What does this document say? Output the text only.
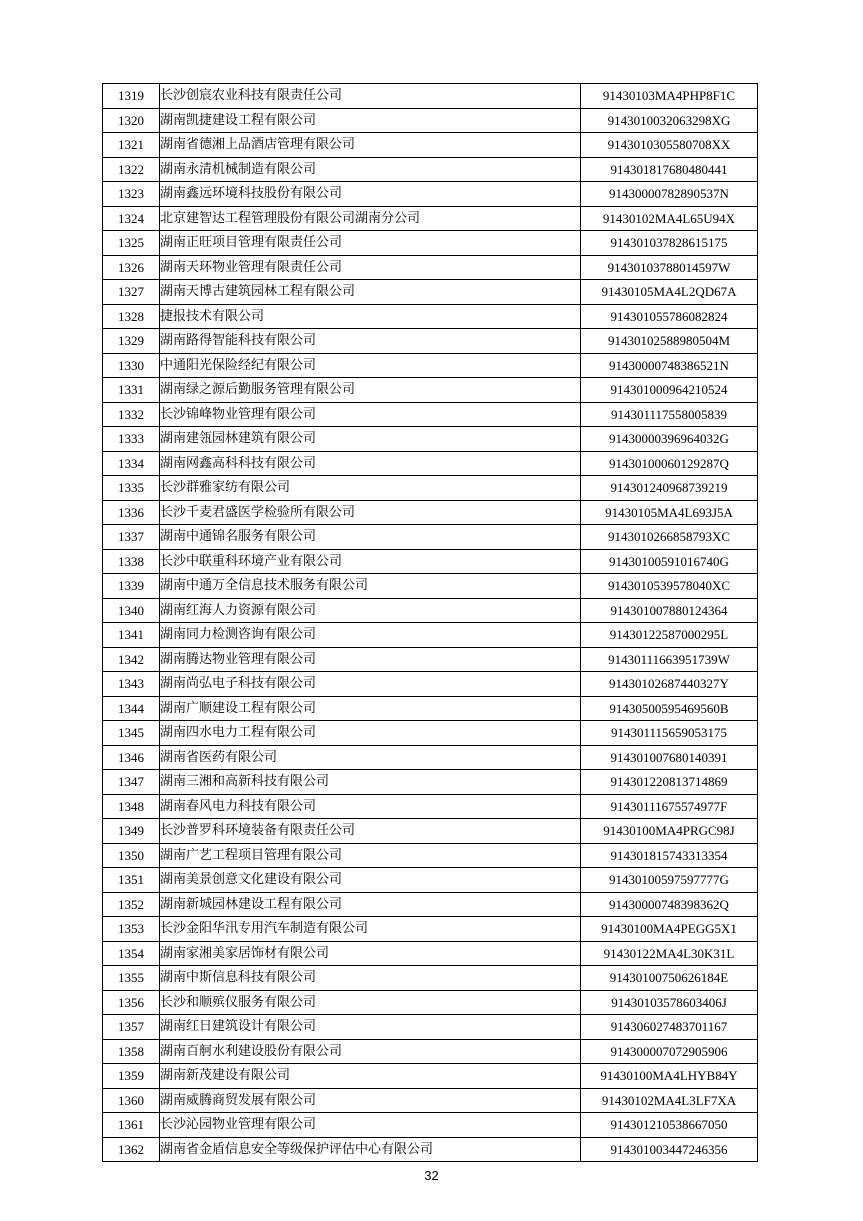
1319	长沙创宸农业科技有限责任公司	91430103MA4PHP8F1C
1320	湖南凯捷建设工程有限公司	9143010032063298XG
1321	湖南省德湘上品酒店管理有限公司	9143010305580708XX
1322	湖南永清机械制造有限公司	914301817680480441
1323	湖南鑫远环境科技股份有限公司	91430000782890537N
1324	北京建智达工程管理股份有限公司湖南分公司	91430102MA4L65U94X
1325	湖南正旺项目管理有限责任公司	914301037828615175
1326	湖南天环物业管理有限责任公司	91430103788014597W
1327	湖南天博古建筑园林工程有限公司	91430105MA4L2QD67A
1328	捷报技术有限公司	914301055786082824
1329	湖南路得智能科技有限公司	91430102588980504M
1330	中通阳光保险经纪有限公司	91430000748386521N
1331	湖南绿之源后勤服务管理有限公司	914301000964210524
1332	长沙锦峰物业管理有限公司	914301117558005839
1333	湖南建瓴园林建筑有限公司	91430000396964032G
1334	湖南网鑫高科科技有限公司	91430100060129287Q
1335	长沙群雅家纺有限公司	914301240968739219
1336	长沙千麦君盛医学检验所有限公司	91430105MA4L693J5A
1337	湖南中通锦名服务有限公司	9143010266858793XC
1338	长沙中联重科环境产业有限公司	91430100591016740G
1339	湖南中通万全信息技术服务有限公司	9143010539578040XC
1340	湖南红海人力资源有限公司	914301007880124364
1341	湖南同力检测咨询有限公司	91430122587000295L
1342	湖南腾达物业管理有限公司	91430111663951739W
1343	湖南尚弘电子科技有限公司	91430102687440327Y
1344	湖南广顺建设工程有限公司	91430500595469560B
1345	湖南四水电力工程有限公司	914301115659053175
1346	湖南省医药有限公司	914301007680140391
1347	湖南三湘和高新科技有限公司	914301220813714869
1348	湖南春风电力科技有限公司	91430111675574977F
1349	长沙普罗科环境装备有限责任公司	91430100MA4PRGC98J
1350	湖南广艺工程项目管理有限公司	914301815743313354
1351	湖南美景创意文化建设有限公司	91430100597597777G
1352	湖南新城园林建设工程有限公司	91430000748398362Q
1353	长沙金阳华汛专用汽车制造有限公司	91430100MA4PEGG5X1
1354	湖南家湘美家居饰材有限公司	91430122MA4L30K31L
1355	湖南中斯信息科技有限公司	91430100750626184E
1356	长沙和顺殡仪服务有限公司	91430103578603406J
1357	湖南红日建筑设计有限公司	914306027483701167
1358	湖南百舸水利建设股份有限公司	914300007072905906
1359	湖南新茂建设有限公司	91430100MA4LHYB84Y
1360	湖南威腾商贸发展有限公司	91430102MA4L3LF7XA
1361	长沙沁园物业管理有限公司	914301210538667050
1362	湖南省金盾信息安全等级保护评估中心有限公司	914301003447246356
32
